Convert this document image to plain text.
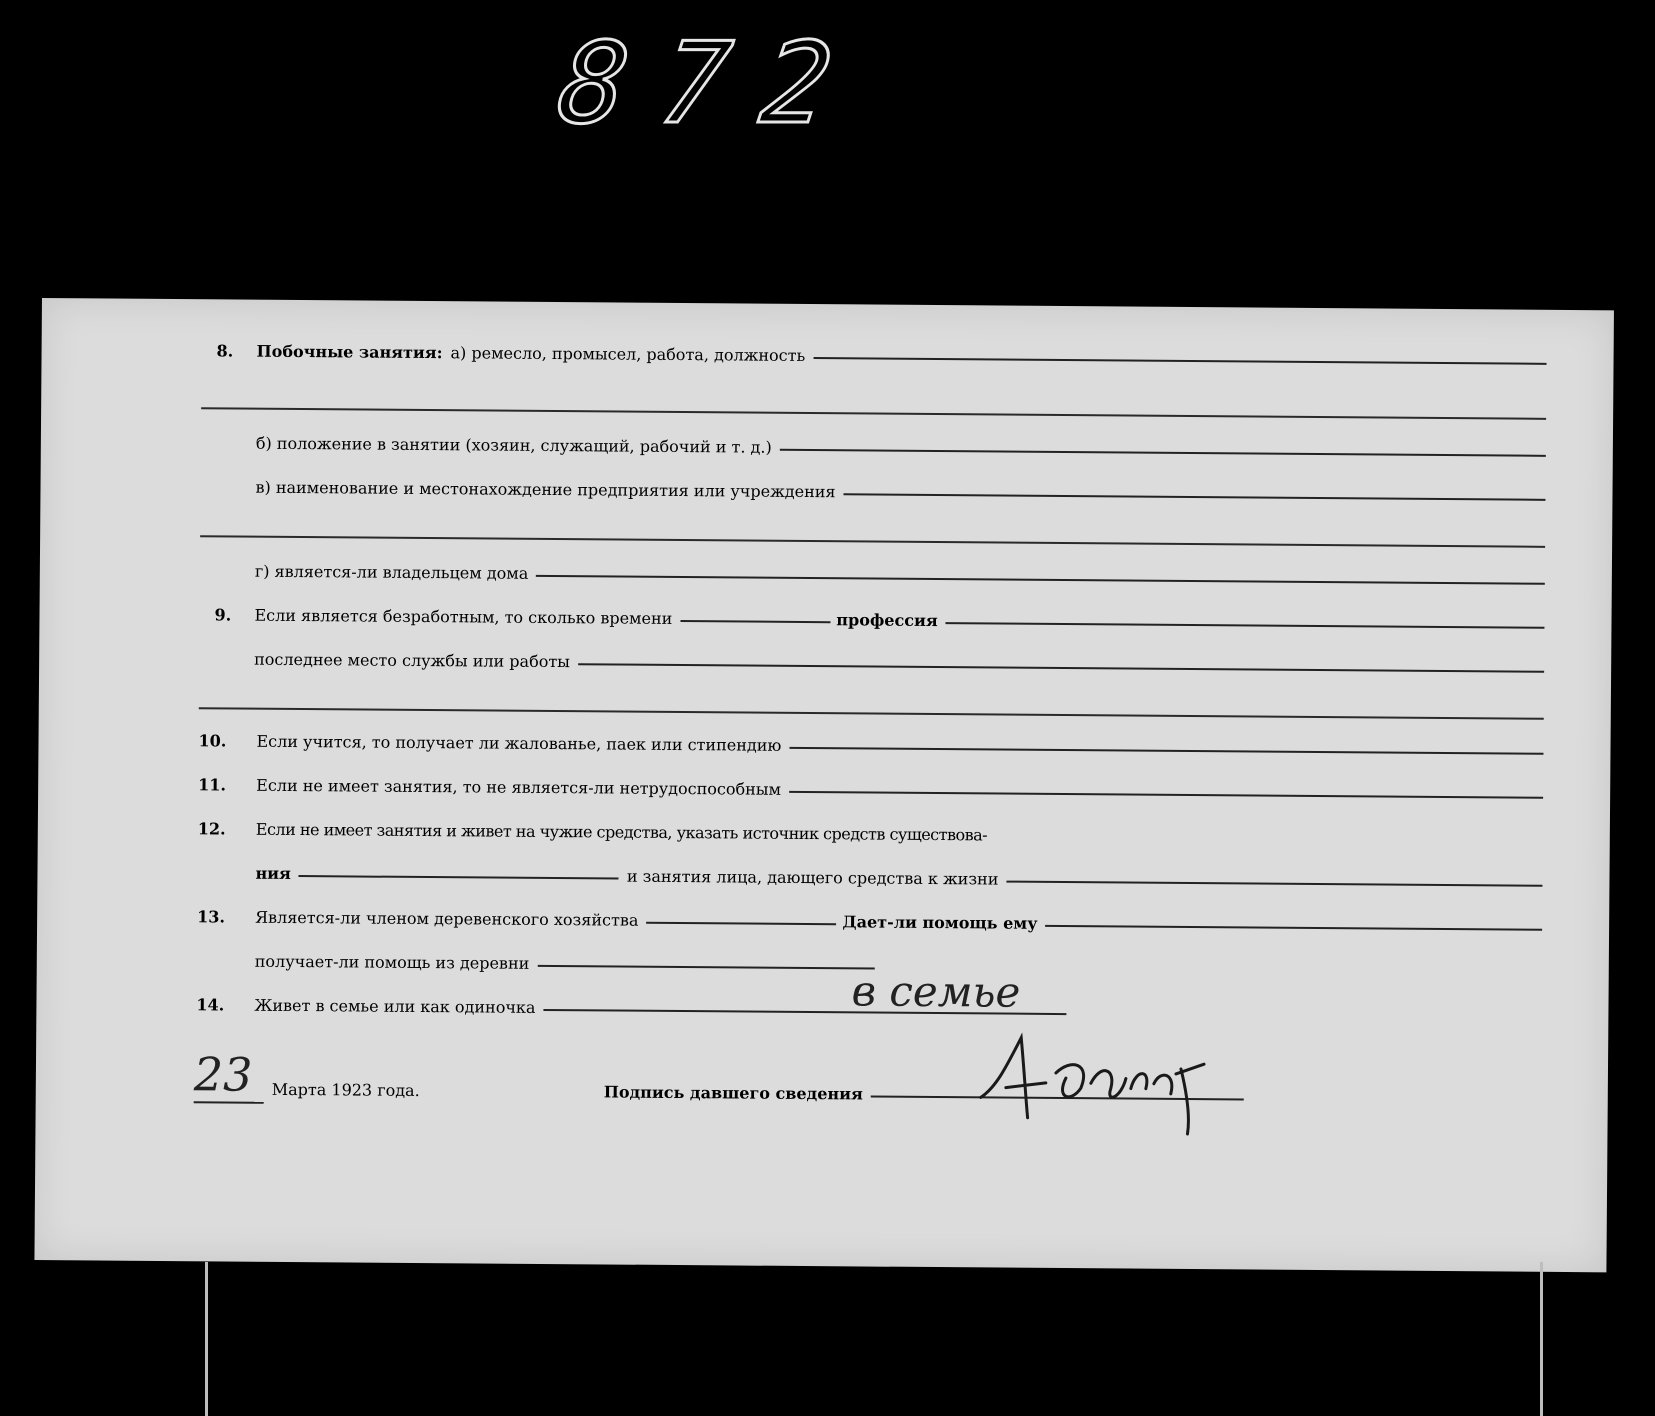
872
8.	Побочные занятия: а) ремесло, промысел, работа, должность
б) положение в занятии (хозяин, служащий, рабочий и т. д.)
в) наименование и местонахождение предприятия или учреждения
г) является-ли владельцем дома
9.	Если является безработным, то сколько времени	профессия
последнее место службы или работы
10.	Если учится, то получает ли жалованье, паек или стипендию
11.	Если не имеет занятия, то не является-ли нетрудоспособным
12.	Если не имеет занятия и живет на чужие средства, указать источник средств существова-
ния	и занятия лица, дающего средства к жизни
13.	Является-ли членом деревенского хозяйства	Дает-ли помощь ему
получает-ли помощь из деревни
14.	Живет в семье или как одиночка	в семье
23	Марта 1923 года.	Подпись давшего сведения
